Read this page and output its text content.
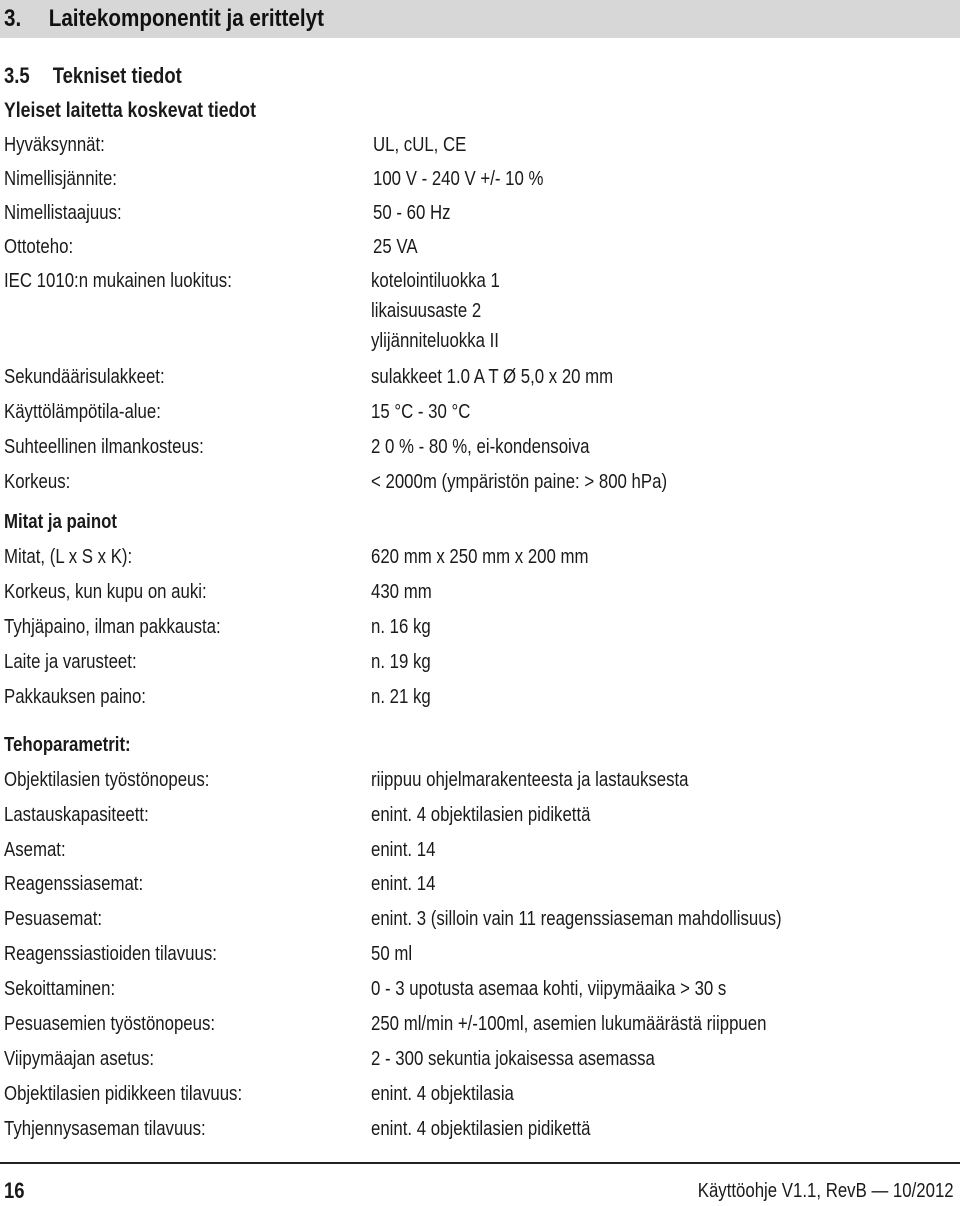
3. Laitekomponentit ja erittelyt
3.5 Tekniset tiedot
Yleiset laitetta koskevat tiedot
Hyväksynnät:	UL, cUL, CE
Nimellisjännite:	100 V - 240 V +/- 10 %
Nimellistaajuus:	50 - 60 Hz
Ottoteho:	25 VA
IEC 1010:n mukainen luokitus:	kotelointiluokka 1
likaisuusaste 2
ylijänniteluokka II
Sekundäärisulakkeet:	sulakkeet 1.0 A T Ø 5,0 x 20 mm
Käyttölämpötila-alue:	15 °C - 30 °C
Suhteellinen ilmankosteus:	2 0 % - 80 %, ei-kondensoiva
Korkeus:	< 2000m (ympäristön paine: > 800 hPa)
Mitat ja painot
Mitat, (L x S x K):	620 mm x 250 mm x 200 mm
Korkeus, kun kupu on auki:	430 mm
Tyhjäpaino, ilman pakkausta:	n. 16 kg
Laite ja varusteet:	n. 19 kg
Pakkauksen paino:	n. 21 kg
Tehoparametrit:
Objektilasien työstönopeus:	riippuu ohjelmarakenteesta ja lastauksesta
Lastauskapasiteett:	enint. 4 objektilasien pidikettä
Asemat:	enint. 14
Reagenssiasemat:	enint. 14
Pesuasemat:	enint. 3 (silloin vain 11 reagenssiaseman mahdollisuus)
Reagenssiastioiden tilavuus:	50 ml
Sekoittaminen:	0 - 3 upotusta asemaa kohti, viipymäaika > 30 s
Pesuasemien työstönopeus:	250 ml/min +/-100ml, asemien lukumäärästä riippuen
Viipymäajan asetus:	2 - 300 sekuntia jokaisessa asemassa
Objektilasien pidikkeen tilavuus:	enint. 4 objektilasia
Tyhjennysaseman tilavuus:	enint. 4 objektilasien pidikettä
16	Käyttöohje V1.1, RevB — 10/2012
